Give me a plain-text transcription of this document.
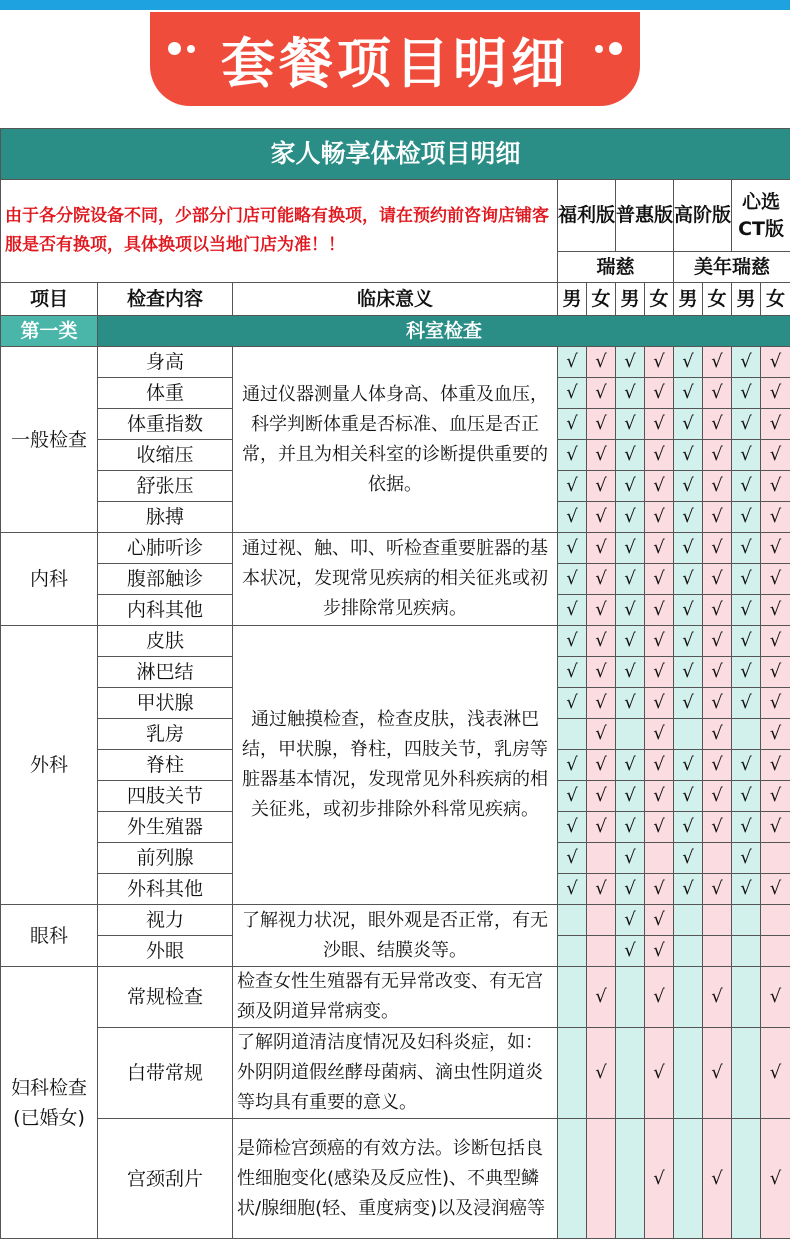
套餐项目明细
家人畅享体检项目明细										
由于各分院设备不同，少部分门店可能略有换项，请在预约前咨询店铺客服是否有换项，具体换项以当地门店为准！！			福利版		普惠版		高阶版		心选CT版	
			瑞慈				美年瑞慈			
项目	检查内容	临床意义	男	女	男	女	男	女	男	女
第一类	科室检查									
一般检查	身高	通过仪器测量人体身高、体重及血压，科学判断体重是否标准、血压是否正常，并且为相关科室的诊断提供重要的依据。	√	√	√	√	√	√	√	√
	体重		√	√	√	√	√	√	√	√
	体重指数		√	√	√	√	√	√	√	√
	收缩压		√	√	√	√	√	√	√	√
	舒张压		√	√	√	√	√	√	√	√
	脉搏		√	√	√	√	√	√	√	√
内科	心肺听诊	通过视、触、叩、听检查重要脏器的基本状况，发现常见疾病的相关征兆或初步排除常见疾病。	√	√	√	√	√	√	√	√
	腹部触诊		√	√	√	√	√	√	√	√
	内科其他		√	√	√	√	√	√	√	√
外科	皮肤	通过触摸检查，检查皮肤，浅表淋巴结，甲状腺，脊柱，四肢关节，乳房等脏器基本情况，发现常见外科疾病的相关征兆，或初步排除外科常见疾病。	√	√	√	√	√	√	√	√
	淋巴结		√	√	√	√	√	√	√	√
	甲状腺		√	√	√	√	√	√	√	√
	乳房			√		√		√		√
	脊柱		√	√	√	√	√	√	√	√
	四肢关节		√	√	√	√	√	√	√	√
	外生殖器		√	√	√	√	√	√	√	√
	前列腺		√		√		√		√	
	外科其他		√	√	√	√	√	√	√	√
眼科	视力	了解视力状况，眼外观是否正常，有无沙眼、结膜炎等。			√	√				
	外眼				√	√				
妇科检查(已婚女)	常规检查	检查女性生殖器有无异常改变、有无宫颈及阴道异常病变。		√		√		√		√
	白带常规	了解阴道清洁度情况及妇科炎症，如：外阴阴道假丝酵母菌病、滴虫性阴道炎等均具有重要的意义。		√		√		√		√
	宫颈刮片	是筛检宫颈癌的有效方法。诊断包括良性细胞变化(感染及反应性)、不典型鳞状/腺细胞(轻、重度病变)以及浸润癌等				√		√		√
